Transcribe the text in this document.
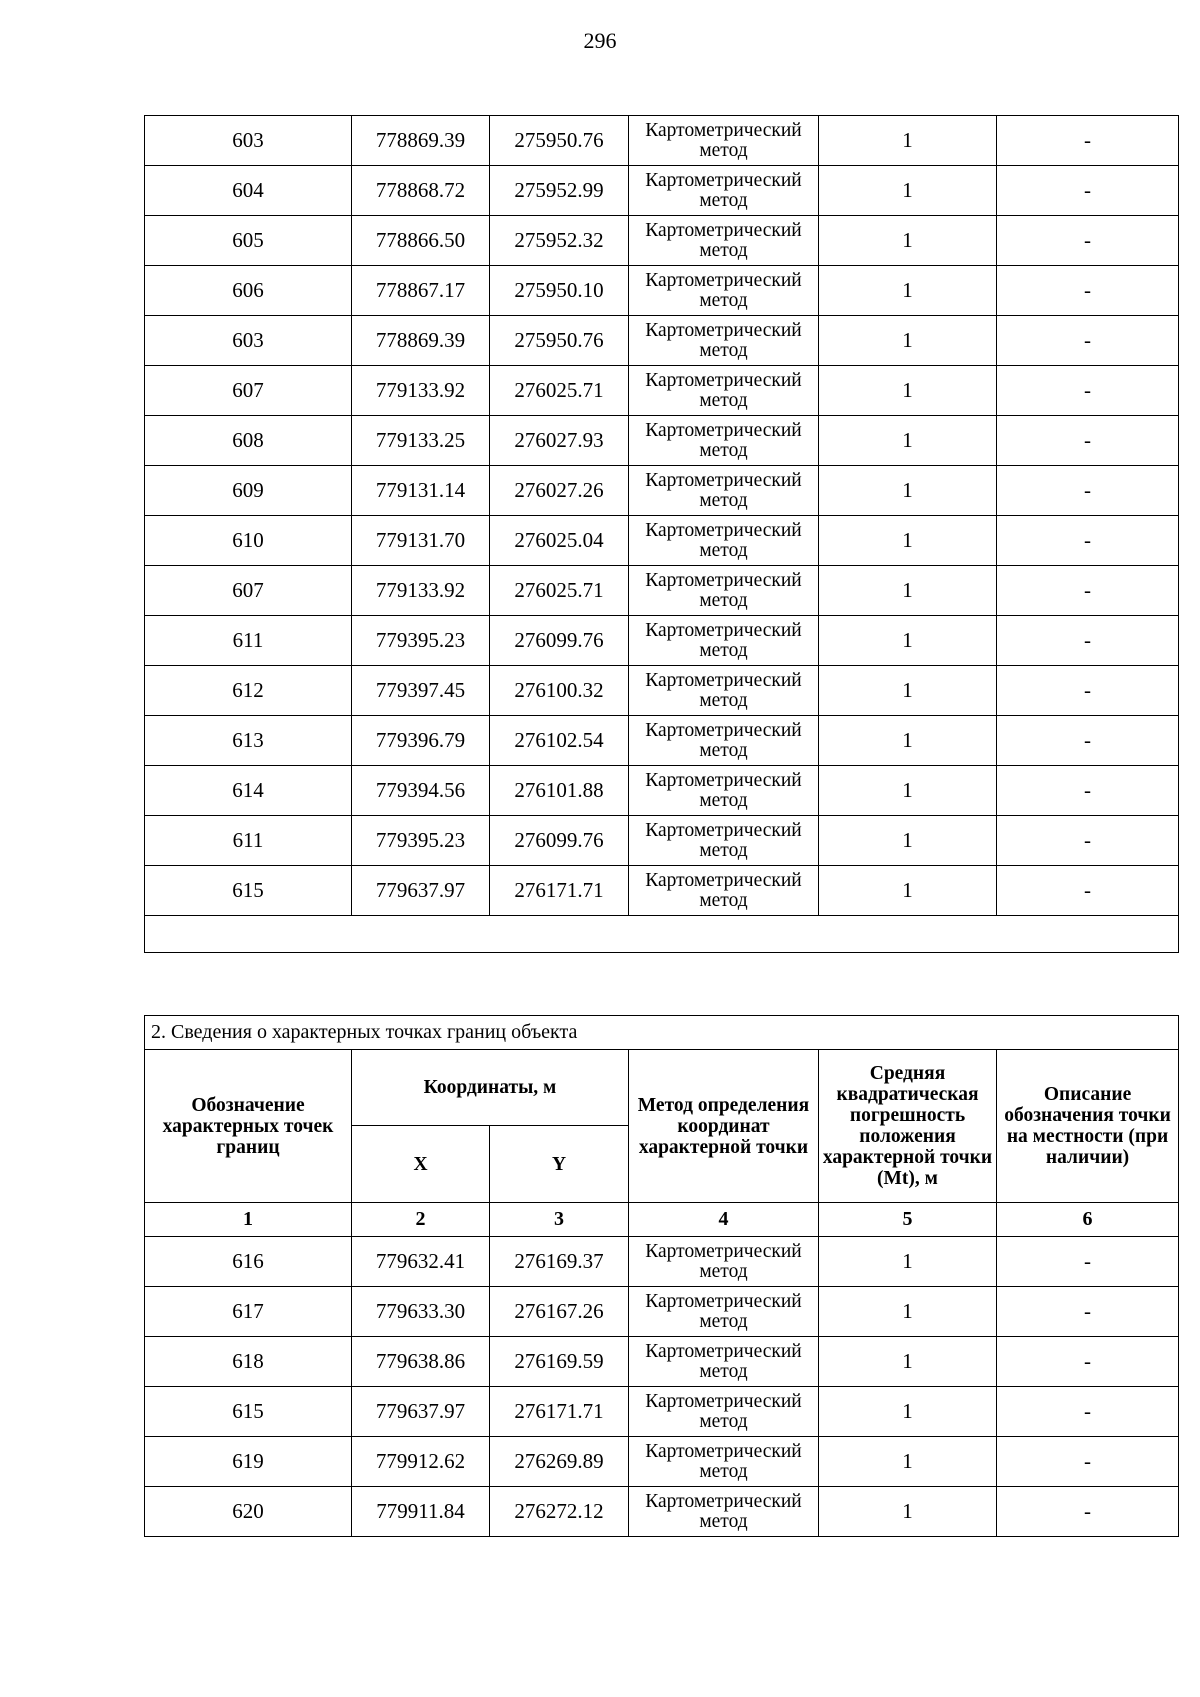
296
603	778869.39	275950.76	Картометрический метод	1	-
604	778868.72	275952.99	Картометрический метод	1	-
605	778866.50	275952.32	Картометрический метод	1	-
606	778867.17	275950.10	Картометрический метод	1	-
603	778869.39	275950.76	Картометрический метод	1	-
607	779133.92	276025.71	Картометрический метод	1	-
608	779133.25	276027.93	Картометрический метод	1	-
609	779131.14	276027.26	Картометрический метод	1	-
610	779131.70	276025.04	Картометрический метод	1	-
607	779133.92	276025.71	Картометрический метод	1	-
611	779395.23	276099.76	Картометрический метод	1	-
612	779397.45	276100.32	Картометрический метод	1	-
613	779396.79	276102.54	Картометрический метод	1	-
614	779394.56	276101.88	Картометрический метод	1	-
611	779395.23	276099.76	Картометрический метод	1	-
615	779637.97	276171.71	Картометрический метод	1	-

2. Сведения о характерных точках границ объекта					
Обозначение характерных точек границ	Координаты, м		Метод определения координат характерной точки	Средняя квадратическая погрешность положения характерной точки (Mt), м	Описание обозначения точки на местности (при наличии)
	X	Y			
1	2	3	4	5	6
616	779632.41	276169.37	Картометрический метод	1	-
617	779633.30	276167.26	Картометрический метод	1	-
618	779638.86	276169.59	Картометрический метод	1	-
615	779637.97	276171.71	Картометрический метод	1	-
619	779912.62	276269.89	Картометрический метод	1	-
620	779911.84	276272.12	Картометрический метод	1	-
